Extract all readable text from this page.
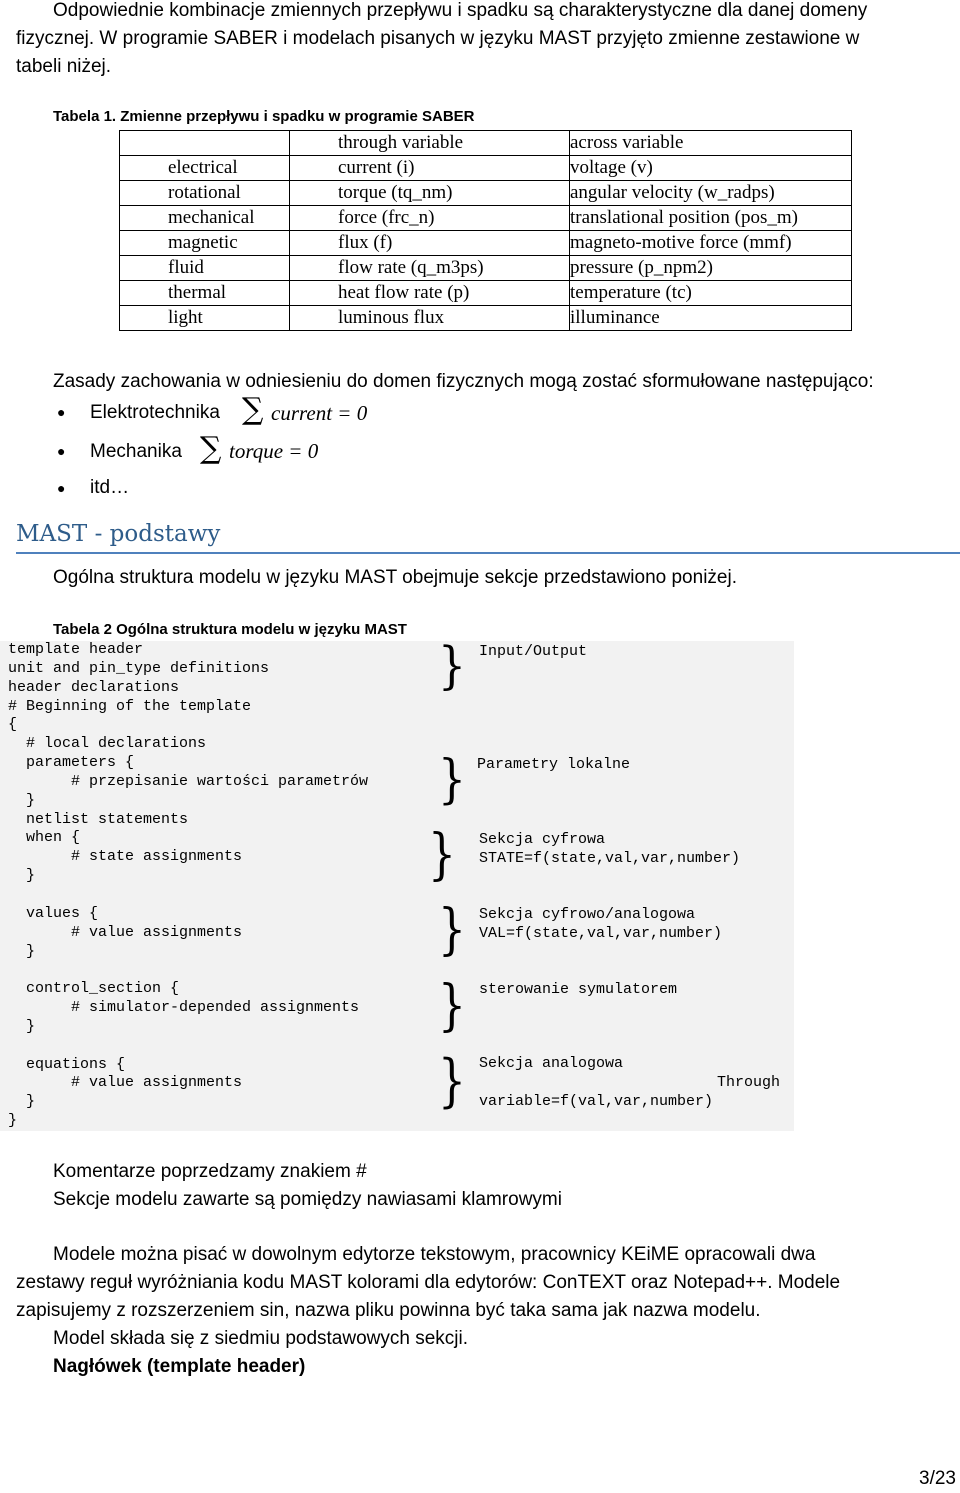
Odpowiednie kombinacje zmiennych przepływu i spadku są charakterystyczne dla danej domeny
fizycznej. W programie SABER i modelach pisanych w języku MAST przyjęto zmienne zestawione w
tabeli niżej.
Tabela 1. Zmienne przepływu i spadku w programie SABER
	through variable	across variable
electrical	current (i)	voltage (v)
rotational	torque (tq_nm)	angular velocity (w_radps)
mechanical	force (frc_n)	translational position (pos_m)
magnetic	flux (f)	magneto-motive force (mmf)
fluid	flow rate (q_m3ps)	pressure (p_npm2)
thermal	heat flow rate (p)	temperature (tc)
light	luminous flux	illuminance
Zasady zachowania w odniesieniu do domen fizycznych mogą zostać sformułowane następująco:
● Elektrotechnika ∑ current = 0
● Mechanika ∑ torque = 0
● itd…
MAST - podstawy
Ogólna struktura modelu w języku MAST obejmuje sekcje przedstawiono poniżej.
Tabela 2 Ogólna struktura modelu w języku MAST
template header
unit and pin_type definitions
header declarations
# Beginning of the template
{
# local declarations
parameters {
# przepisanie wartości parametrów
}
netlist statements
when {
# state assignments
}

values {
# value assignments
}

control_section {
# simulator-depended assignments
}

equations {
# value assignments
}
}
}
}
}
}
}
}
Input/Output
Parametry lokalne
Sekcja cyfrowa
STATE=f(state,val,var,number)
Sekcja cyfrowo/analogowa
VAL=f(state,val,var,number)
sterowanie symulatorem
Sekcja analogowa
Through
variable=f(val,var,number)
Komentarze poprzedzamy znakiem #
Sekcje modelu zawarte są pomiędzy nawiasami klamrowymi
Modele można pisać w dowolnym edytorze tekstowym, pracownicy KEiME opracowali dwa
zestawy reguł wyróżniania kodu MAST kolorami dla edytorów: ConTEXT oraz Notepad++. Modele
zapisujemy z rozszerzeniem sin, nazwa pliku powinna być taka sama jak nazwa modelu.
Model składa się z siedmiu podstawowych sekcji.
Nagłówek (template header)
3/23
